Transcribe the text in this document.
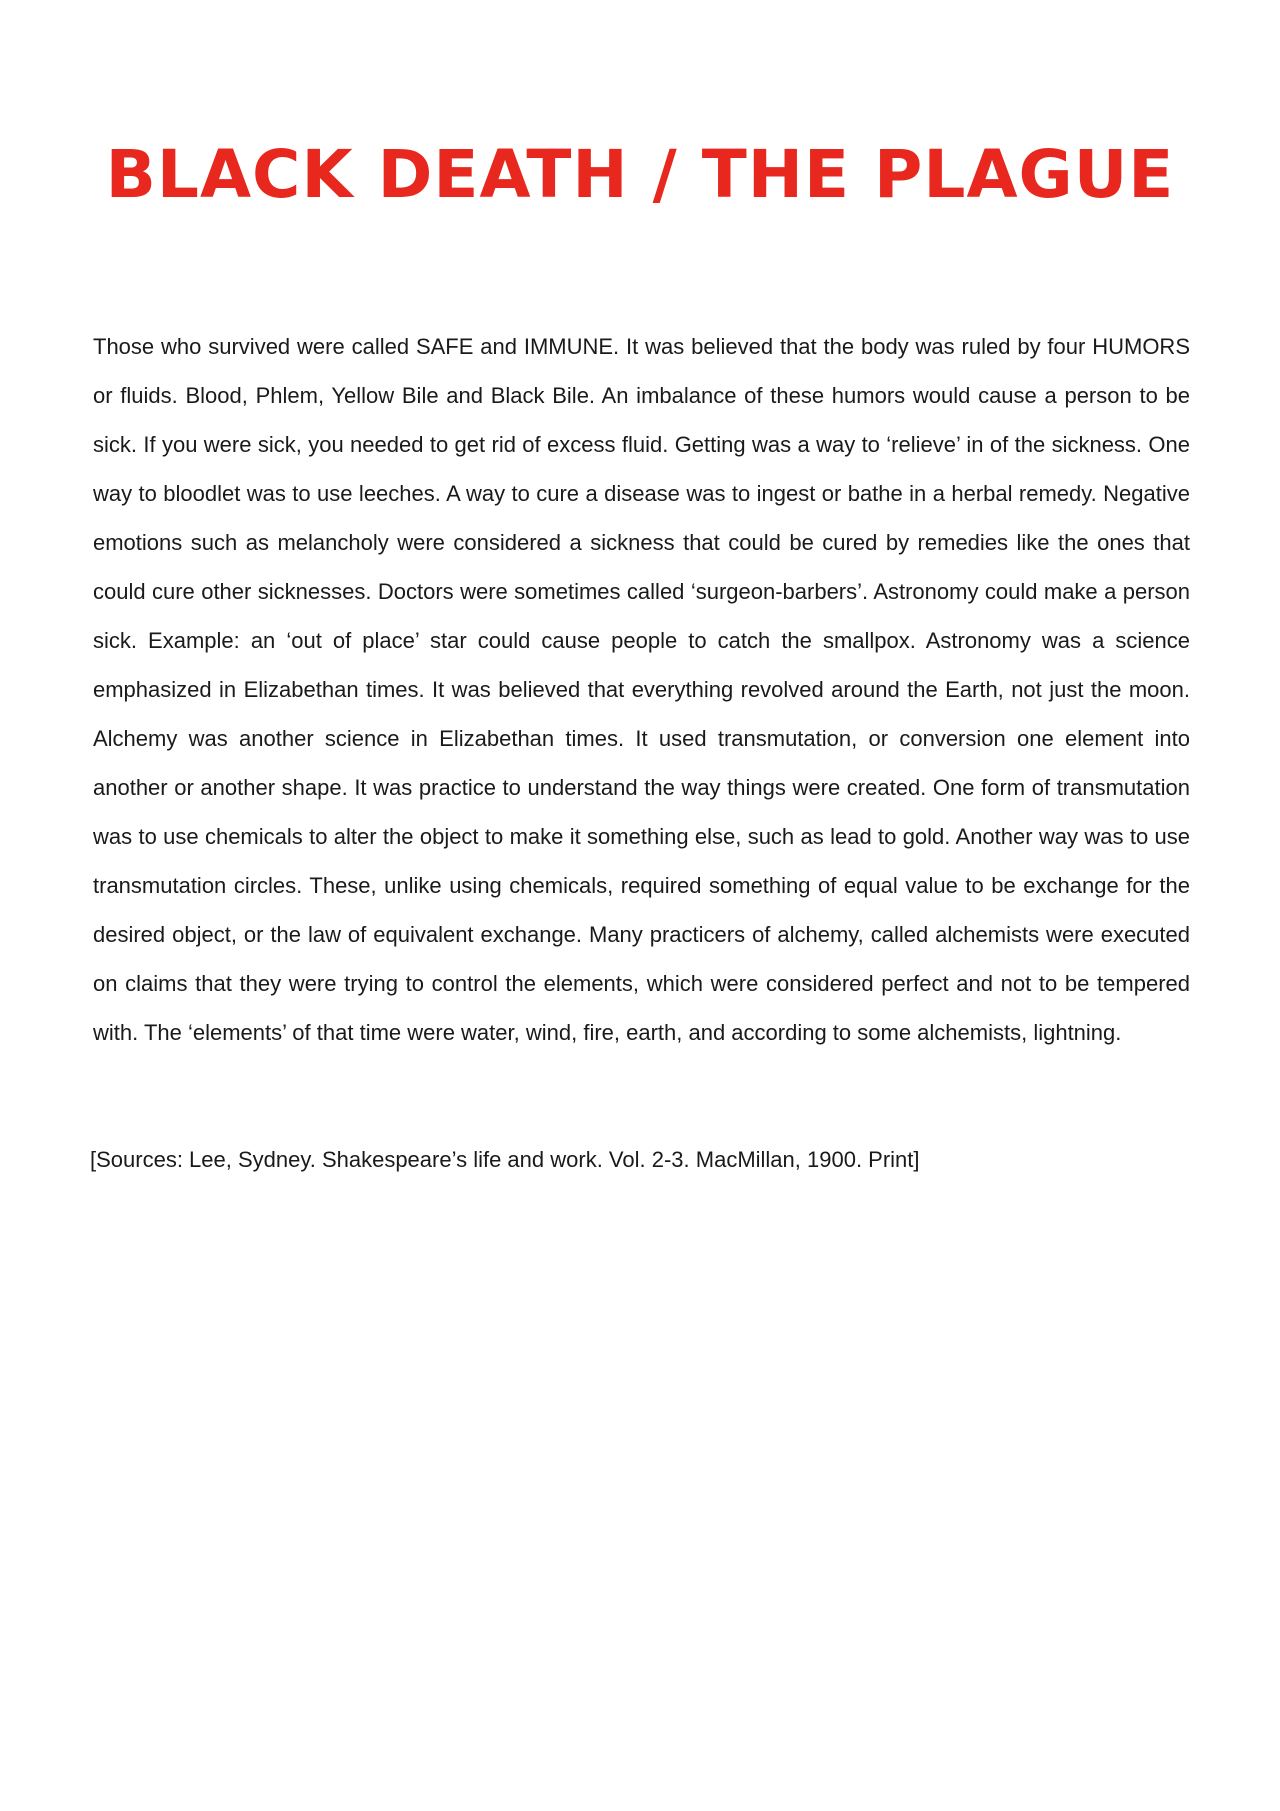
BLACK DEATH / THE PLAGUE

Those who survived were called SAFE and IMMUNE. It was believed that the body was ruled by four HUMORS or fluids. Blood, Phlem, Yellow Bile and Black Bile. An imbalance of these humors would cause a person to be sick. If you were sick, you needed to get rid of excess fluid. Getting was a way to ‘relieve’ in of the sickness. One way to bloodlet was to use leeches. A way to cure a disease was to ingest or bathe in a herbal remedy. Negative emotions such as melancholy were considered a sickness that could be cured by remedies like the ones that could cure other sicknesses. Doctors were sometimes called ‘surgeon-barbers’. Astronomy could make a person sick. Example: an ‘out of place’ star could cause people to catch the smallpox. Astronomy was a science emphasized in Elizabethan times. It was believed that everything revolved around the Earth, not just the moon. Alchemy was another science in Elizabethan times. It used transmutation, or conversion one element into another or another shape. It was practice to understand the way things were created. One form of transmutation was to use chemicals to alter the object to make it something else, such as lead to gold. Another way was to use transmutation circles. These, unlike using chemicals, required something of equal value to be exchange for the desired object, or the law of equivalent exchange. Many practicers of alchemy, called alchemists were executed on claims that they were trying to control the elements, which were considered perfect and not to be tempered with. The ‘elements’ of that time were water, wind, fire, earth, and according to some alchemists, lightning.

[Sources: Lee, Sydney. Shakespeare’s life and work. Vol. 2-3. MacMillan, 1900. Print]
